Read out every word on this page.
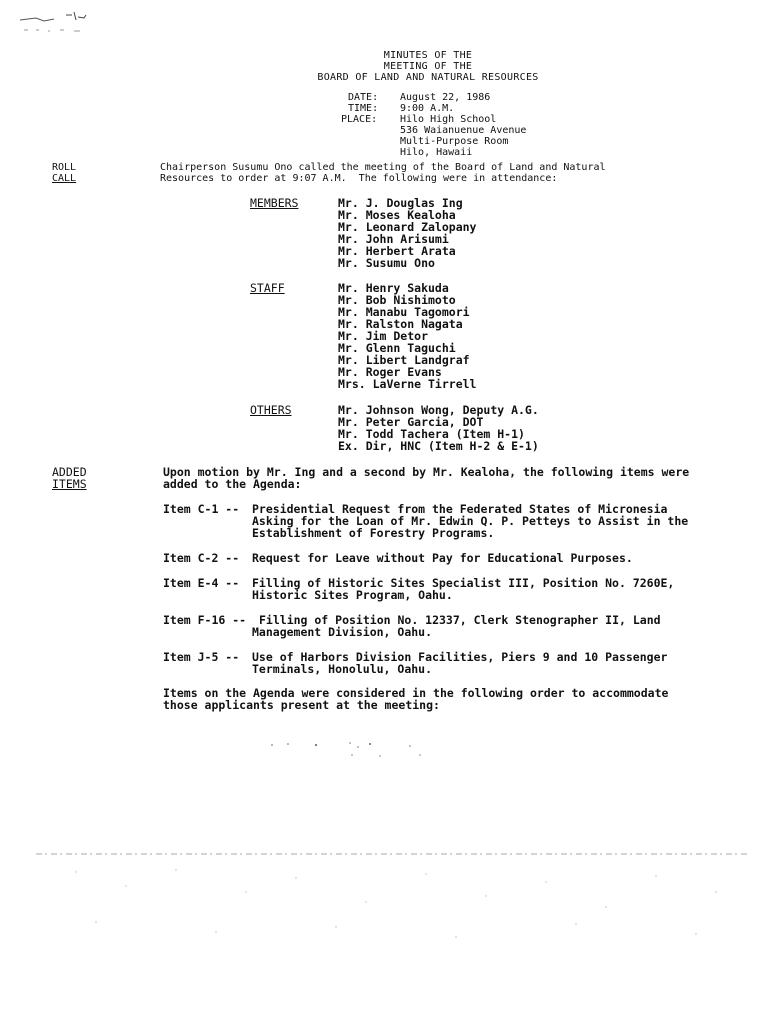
MINUTES OF THE
MEETING OF THE
BOARD OF LAND AND NATURAL RESOURCES
DATE: August 22, 1986
TIME: 9:00 A.M.
PLACE: Hilo High School
536 Waianuenue Avenue
Multi-Purpose Room
Hilo, Hawaii
ROLL
CALL
Chairperson Susumu Ono called the meeting of the Board of Land and Natural
Resources to order at 9:07 A.M.  The following were in attendance:
MEMBERS	Mr. J. Douglas Ing
Mr. Moses Kealoha
Mr. Leonard Zalopany
Mr. John Arisumi
Mr. Herbert Arata
Mr. Susumu Ono
STAFF	Mr. Henry Sakuda
Mr. Bob Nishimoto
Mr. Manabu Tagomori
Mr. Ralston Nagata
Mr. Jim Detor
Mr. Glenn Taguchi
Mr. Libert Landgraf
Mr. Roger Evans
Mrs. LaVerne Tirrell
OTHERS	Mr. Johnson Wong, Deputy A.G.
Mr. Peter Garcia, DOT
Mr. Todd Tachera (Item H-1)
Ex. Dir, HNC (Item H-2 & E-1)
ADDED
ITEMS
Upon motion by Mr. Ing and a second by Mr. Kealoha, the following items were
added to the Agenda:
Item C-1 -- Presidential Request from the Federated States of Micronesia
Asking for the Loan of Mr. Edwin Q. P. Petteys to Assist in the
Establishment of Forestry Programs.
Item C-2 -- Request for Leave without Pay for Educational Purposes.
Item E-4 -- Filling of Historic Sites Specialist III, Position No. 7260E,
Historic Sites Program, Oahu.
Item F-16 -- Filling of Position No. 12337, Clerk Stenographer II, Land
Management Division, Oahu.
Item J-5 -- Use of Harbors Division Facilities, Piers 9 and 10 Passenger
Terminals, Honolulu, Oahu.
Items on the Agenda were considered in the following order to accommodate
those applicants present at the meeting:
